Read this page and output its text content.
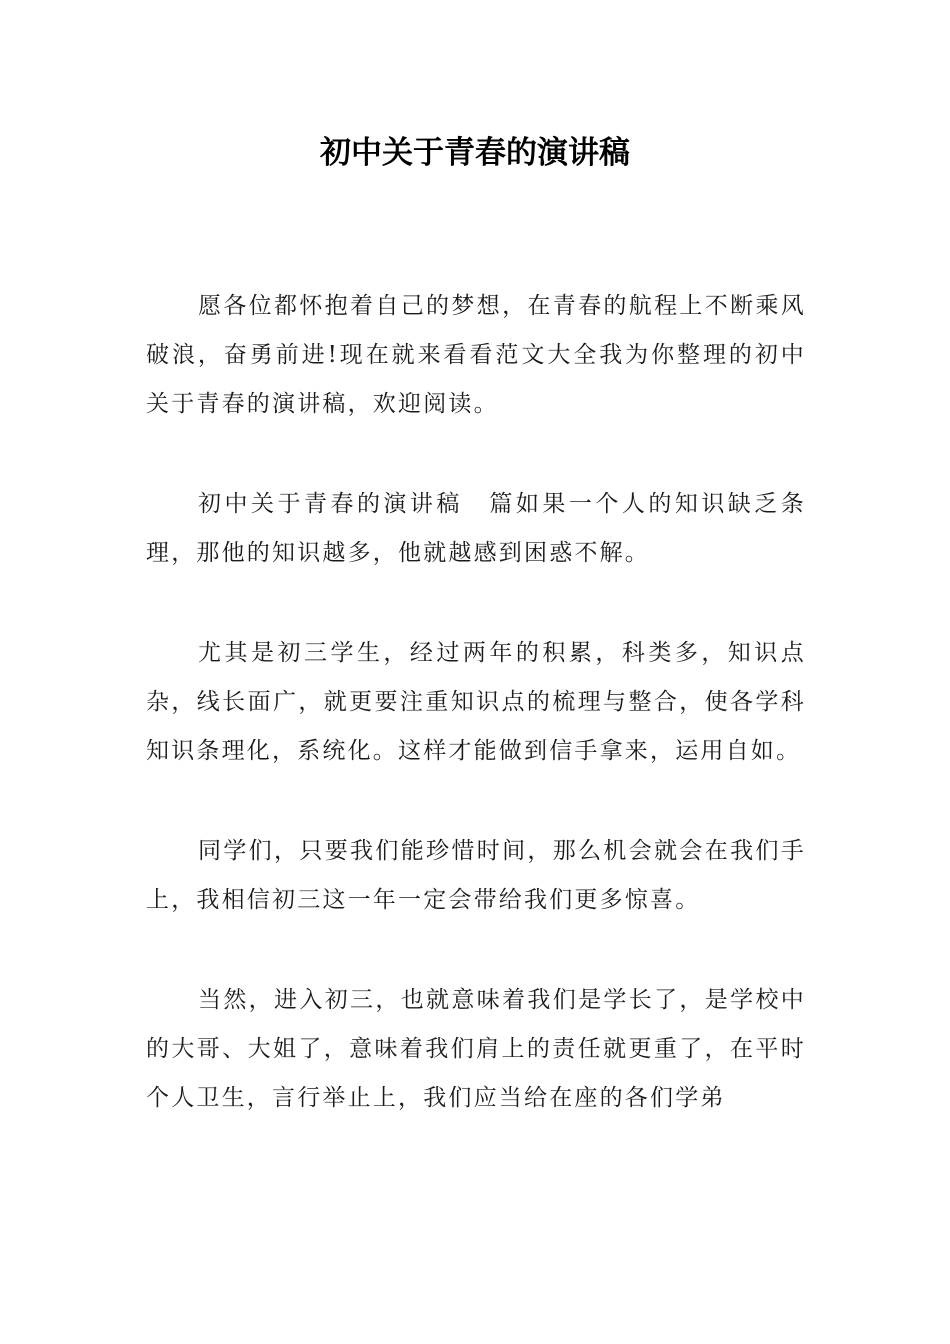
初中关于青春的演讲稿

愿各位都怀抱着自己的梦想，在青春的航程上不断乘风破浪，奋勇前进!现在就来看看范文大全我为你整理的初中关于青春的演讲稿，欢迎阅读。

初中关于青春的演讲稿　篇如果一个人的知识缺乏条理，那他的知识越多，他就越感到困惑不解。

尤其是初三学生，经过两年的积累，科类多，知识点杂，线长面广，就更要注重知识点的梳理与整合，使各学科知识条理化，系统化。这样才能做到信手拿来，运用自如。

同学们，只要我们能珍惜时间，那么机会就会在我们手上，我相信初三这一年一定会带给我们更多惊喜。

当然，进入初三，也就意味着我们是学长了，是学校中的大哥、大姐了，意味着我们肩上的责任就更重了，在平时个人卫生，言行举止上，我们应当给在座的各们学弟
